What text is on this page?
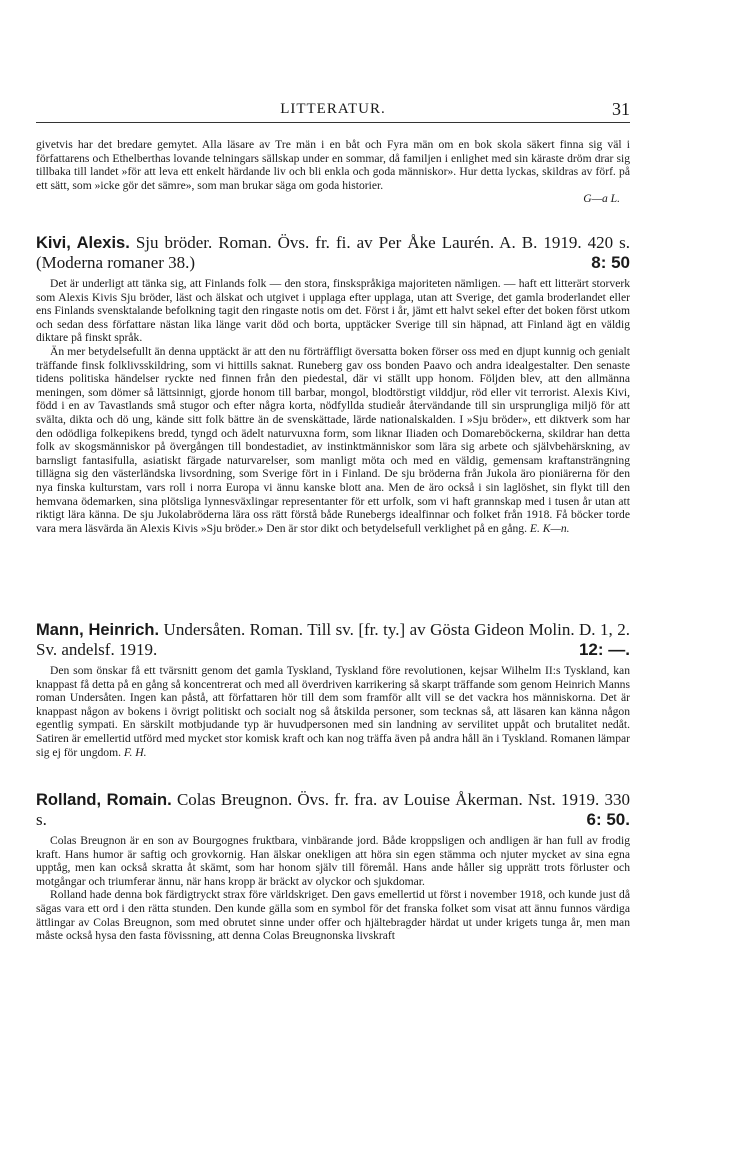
LITTERATUR.	31

givetvis har det bredare gemytet. Alla läsare av Tre män i en båt och Fyra män om en bok skola säkert finna sig väl i författarens och Ethelberthas lovande telningars sällskap under en sommar, då familjen i enlighet med sin käraste dröm drar sig tillbaka till landet »för att leva ett enkelt härdande liv och bli enkla och goda människor». Hur detta lyckas, skildras av förf. på ett sätt, som »icke gör det sämre», som man brukar säga om goda historier.

G—a L.

Kivi, Alexis. Sju bröder. Roman. Övs. fr. fi. av Per Åke Laurén. A. B. 1919. 420 s. (Moderna romaner 38.)	8: 50

Det är underligt att tänka sig, att Finlands folk — den stora, finskspråkiga majoriteten nämligen. — haft ett litterärt storverk som Alexis Kivis Sju bröder, läst och älskat och utgivet i upplaga efter upplaga, utan att Sverige, det gamla broderlandet eller ens Finlands svensktalande befolkning tagit den ringaste notis om det. Först i år, jämt ett halvt sekel efter det boken först utkom och sedan dess författare nästan lika länge varit död och borta, upptäcker Sverige till sin häpnad, att Finland ägt en väldig diktare på finskt språk.

Än mer betydelsefullt än denna upptäckt är att den nu förträffligt översatta boken förser oss med en djupt kunnig och genialt träffande finsk folklivsskildring, som vi hittills saknat. Runeberg gav oss bonden Paavo och andra idealgestalter. Den senaste tidens politiska händelser ryckte ned finnen från den piedestal, där vi ställt upp honom. Följden blev, att den allmänna meningen, som dömer så lättsinnigt, gjorde honom till barbar, mongol, blodtörstigt vilddjur, röd eller vit terrorist. Alexis Kivi, född i en av Tavastlands små stugor och efter några korta, nödfyllda studieår återvändande till sin ursprungliga miljö för att svälta, dikta och dö ung, kände sitt folk bättre än de svenskättade, lärde nationalskalden. I »Sju bröder», ett diktverk som har den odödliga folkepikens bredd, tyngd och ädelt naturvuxna form, som liknar Iliaden och Domareböckerna, skildrar han detta folk av skogsmänniskor på övergången till bondestadiet, av instinktmänniskor som lära sig arbete och självbehärskning, av barnsligt fantasifulla, asiatiskt färgade naturvarelser, som manligt möta och med en väldig, gemensam kraftansträngning tillägna sig den västerländska livsordning, som Sverige fört in i Finland. De sju bröderna från Jukola äro pioniärerna för den nya finska kulturstam, vars roll i norra Europa vi ännu kanske blott ana. Men de äro också i sin laglöshet, sin flykt till den hemvana ödemarken, sina plötsliga lynnesväxlingar representanter för ett urfolk, som vi haft grannskap med i tusen år utan att riktigt lära känna. De sju Jukolabröderna lära oss rätt förstå både Runebergs idealfinnar och folket från 1918. Få böcker torde vara mera läsvärda än Alexis Kivis »Sju bröder.» Den är stor dikt och betydelsefull verklighet på en gång. E. K—n.

Mann, Heinrich. Undersåten. Roman. Till sv. [fr. ty.] av Gösta Gideon Molin. D. 1, 2. Sv. andelsf. 1919.	12: —.

Den som önskar få ett tvärsnitt genom det gamla Tyskland, Tyskland före revolutionen, kejsar Wilhelm II:s Tyskland, kan knappast få detta på en gång så koncentrerat och med all överdriven karrikering så skarpt träffande som genom Heinrich Manns roman Undersåten. Ingen kan påstå, att författaren hör till dem som framför allt vill se det vackra hos människorna. Det är knappast någon av bokens i övrigt politiskt och socialt nog så åtskilda personer, som tecknas så, att läsaren kan känna någon egentlig sympati. En särskilt motbjudande typ är huvudpersonen med sin landning av servilitet uppåt och brutalitet nedåt. Satiren är emellertid utförd med mycket stor komisk kraft och kan nog träffa även på andra håll än i Tyskland. Romanen lämpar sig ej för ungdom. F. H.

Rolland, Romain. Colas Breugnon. Övs. fr. fra. av Louise Åkerman. Nst. 1919. 330 s.	6: 50.

Colas Breugnon är en son av Bourgognes fruktbara, vinbärande jord. Både kroppsligen och andligen är han full av frodig kraft. Hans humor är saftig och grovkornig. Han älskar onekligen att höra sin egen stämma och njuter mycket av sina egna upptåg, men kan också skratta åt skämt, som har honom själv till föremål. Hans ande håller sig upprätt trots förluster och motgångar och triumferar ännu, när hans kropp är bräckt av olyckor och sjukdomar.

Rolland hade denna bok färdigtryckt strax före världskriget. Den gavs emellertid ut först i november 1918, och kunde just då sägas vara ett ord i den rätta stunden. Den kunde gälla som en symbol för det franska folket som visat att ännu funnos värdiga ättlingar av Colas Breugnon, som med obrutet sinne under offer och hjältebragder härdat ut under krigets tunga år, men man måste också hysa den fasta fövissning, att denna Colas Breugnonska livskraft
